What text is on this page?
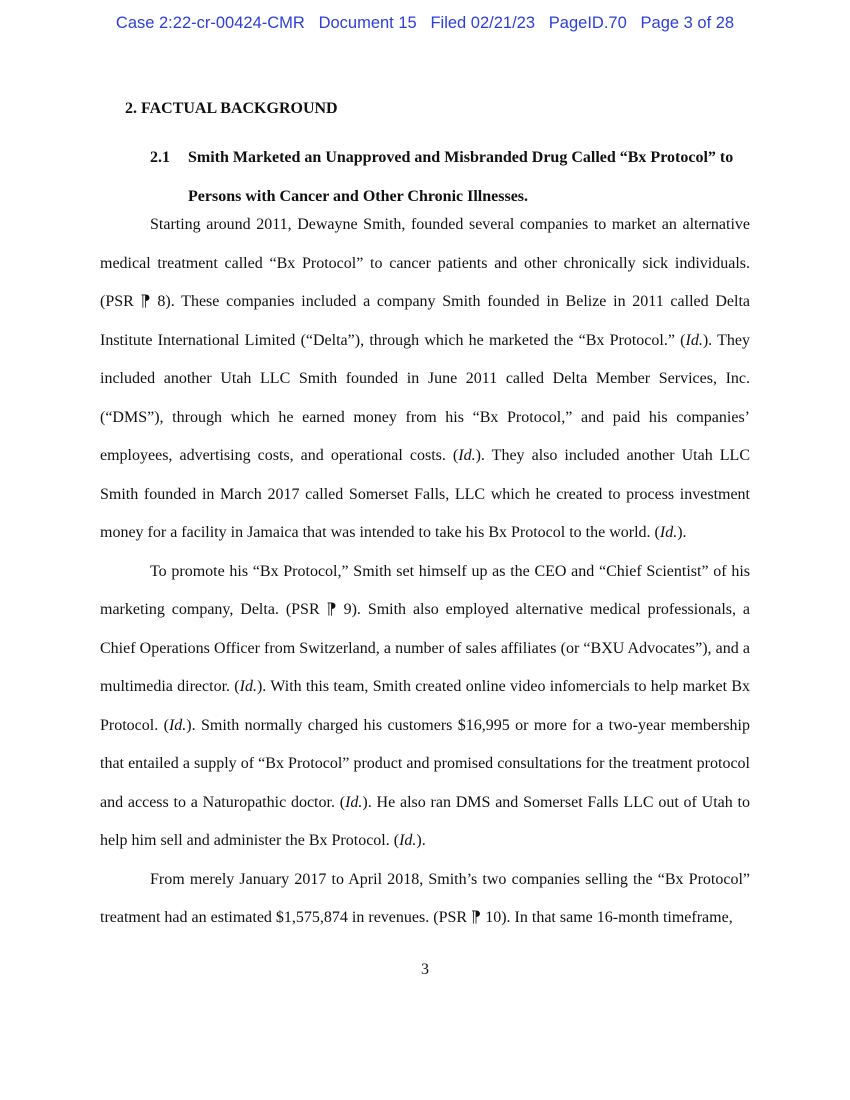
Case 2:22-cr-00424-CMR   Document 15   Filed 02/21/23   PageID.70   Page 3 of 28
2. FACTUAL BACKGROUND
2.1 Smith Marketed an Unapproved and Misbranded Drug Called “Bx Protocol” to
Persons with Cancer and Other Chronic Illnesses.

Starting around 2011, Dewayne Smith, founded several companies to market an alternative medical treatment called “Bx Protocol” to cancer patients and other chronically sick individuals. (PSR ⁋ 8). These companies included a company Smith founded in Belize in 2011 called Delta Institute International Limited (“Delta”), through which he marketed the “Bx Protocol.” (Id.). They included another Utah LLC Smith founded in June 2011 called Delta Member Services, Inc. (“DMS”), through which he earned money from his “Bx Protocol,” and paid his companies’ employees, advertising costs, and operational costs. (Id.). They also included another Utah LLC Smith founded in March 2017 called Somerset Falls, LLC which he created to process investment money for a facility in Jamaica that was intended to take his Bx Protocol to the world. (Id.).

To promote his “Bx Protocol,” Smith set himself up as the CEO and “Chief Scientist” of his marketing company, Delta. (PSR ⁋ 9). Smith also employed alternative medical professionals, a Chief Operations Officer from Switzerland, a number of sales affiliates (or “BXU Advocates”), and a multimedia director. (Id.). With this team, Smith created online video infomercials to help market Bx Protocol. (Id.). Smith normally charged his customers $16,995 or more for a two-year membership that entailed a supply of “Bx Protocol” product and promised consultations for the treatment protocol and access to a Naturopathic doctor. (Id.). He also ran DMS and Somerset Falls LLC out of Utah to help him sell and administer the Bx Protocol. (Id.).

From merely January 2017 to April 2018, Smith’s two companies selling the “Bx Protocol” treatment had an estimated $1,575,874 in revenues. (PSR ⁋ 10). In that same 16-month timeframe,

3
